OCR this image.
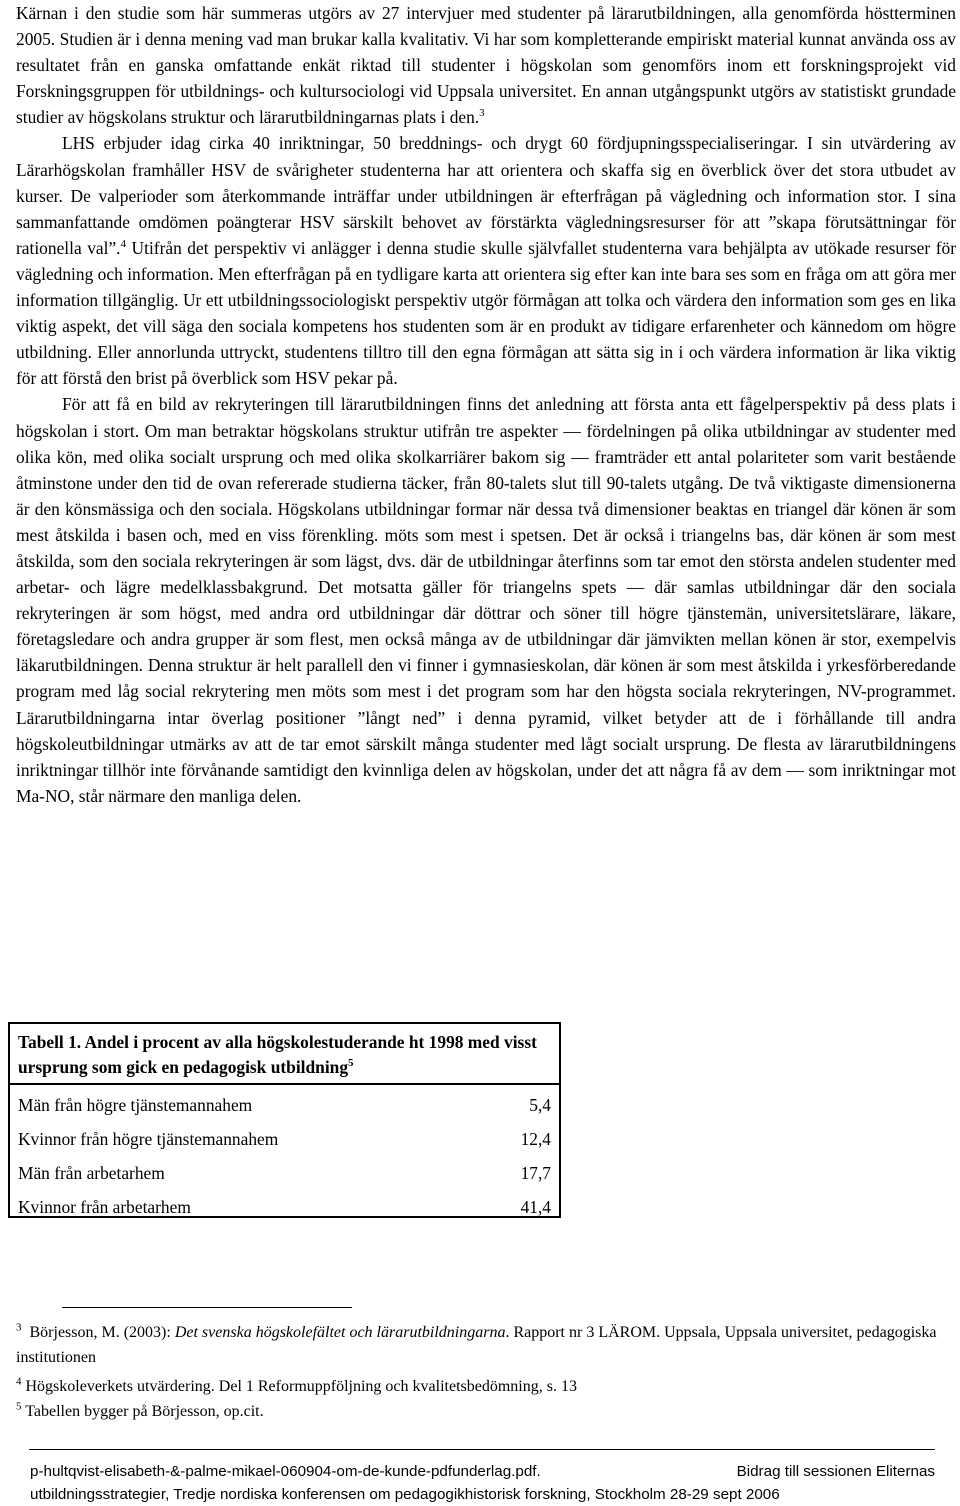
Kärnan i den studie som här summeras utgörs av 27 intervjuer med studenter på lärarutbildningen, alla genomförda höstterminen 2005. Studien är i denna mening vad man brukar kalla kvalitativ. Vi har som kompletterande empiriskt material kunnat använda oss av resultatet från en ganska omfattande enkät riktad till studenter i högskolan som genomförs inom ett forskningsprojekt vid Forskningsgruppen för utbildnings- och kultursociologi vid Uppsala universitet. En annan utgångspunkt utgörs av statistiskt grundade studier av högskolans struktur och lärarutbildningarnas plats i den.$^3$

LHS erbjuder idag cirka 40 inriktningar, 50 breddnings- och drygt 60 fördjupningsspecialiseringar. I sin utvärdering av Lärarhögskolan framhåller HSV de svårigheter studenterna har att orientera och skaffa sig en överblick över det stora utbudet av kurser. De valperioder som återkommande inträffar under utbildningen är efterfrågan på vägledning och information stor. I sina sammanfattande omdömen poängterar HSV särskilt behovet av förstärkta vägledningsresurser för att ”skapa förutsättningar för rationella val”.$^4$ Utifrån det perspektiv vi anlägger i denna studie skulle självfallet studenterna vara behjälpta av utökade resurser för vägledning och information. Men efterfrågan på en tydligare karta att orientera sig efter kan inte bara ses som en fråga om att göra mer information tillgänglig. Ur ett utbildningssociologiskt perspektiv utgör förmågan att tolka och värdera den information som ges en lika viktig aspekt, det vill säga den sociala kompetens hos studenten som är en produkt av tidigare erfarenheter och kännedom om högre utbildning. Eller annorlunda uttryckt, studentens tilltro till den egna förmågan att sätta sig in i och värdera information är lika viktig för att förstå den brist på överblick som HSV pekar på.

För att få en bild av rekryteringen till lärarutbildningen finns det anledning att första anta ett fågelperspektiv på dess plats i högskolan i stort. Om man betraktar högskolans struktur utifrån tre aspekter — fördelningen på olika utbildningar av studenter med olika kön, med olika socialt ursprung och med olika skolkarriärer bakom sig — framträder ett antal polariteter som varit bestående åtminstone under den tid de ovan refererade studierna täcker, från 80-talets slut till 90-talets utgång. De två viktigaste dimensionerna är den könsmässiga och den sociala. Högskolans utbildningar formar när dessa två dimensioner beaktas en triangel där könen är som mest åtskilda i basen och, med en viss förenkling. möts som mest i spetsen. Det är också i triangelns bas, där könen är som mest åtskilda, som den sociala rekryteringen är som lägst, dvs. där de utbildningar återfinns som tar emot den största andelen studenter med arbetar- och lägre medelklassbakgrund. Det motsatta gäller för triangelns spets — där samlas utbildningar där den sociala rekryteringen är som högst, med andra ord utbildningar där döttrar och söner till högre tjänstemän, universitetslärare, läkare, företagsledare och andra grupper är som flest, men också många av de utbildningar där jämvikten mellan könen är stor, exempelvis läkarutbildningen. Denna struktur är helt parallell den vi finner i gymnasieskolan, där könen är som mest åtskilda i yrkesförberedande program med låg social rekrytering men möts som mest i det program som har den högsta sociala rekryteringen, NV-programmet. Lärarutbildningarna intar överlag positioner ”långt ned” i denna pyramid, vilket betyder att de i förhållande till andra högskoleutbildningar utmärks av att de tar emot särskilt många studenter med lågt socialt ursprung. De flesta av lärarutbildningens inriktningar tillhör inte förvånande samtidigt den kvinnliga delen av högskolan, under det att några få av dem — som inriktningar mot Ma-NO, står närmare den manliga delen.

Tabell 1. Andel i procent av alla högskolestuderande ht 1998 med visst ursprung som gick en pedagogisk utbildning$^5$
Män från högre tjänstemannahem	5,4
Kvinnor från högre tjänstemannahem	12,4
Män från arbetarhem	17,7
Kvinnor från arbetarhem	41,4

$^3$ Börjesson, M. (2003): Det svenska högskolefältet och lärarutbildningarna. Rapport nr 3 LÄROM. Uppsala, Uppsala universitet, pedagogiska institutionen

$^4$ Högskoleverkets utvärdering. Del 1 Reformuppföljning och kvalitetsbedömning, s. 13

$^5$ Tabellen bygger på Börjesson, op.cit.

p-hultqvist-elisabeth-&-palme-mikael-060904-om-de-kunde-pdfunderlag.pdf.	Bidrag till sessionen Eliternas
utbildningsstrategier, Tredje nordiska konferensen om pedagogikhistorisk forskning, Stockholm 28-29 sept 2006
